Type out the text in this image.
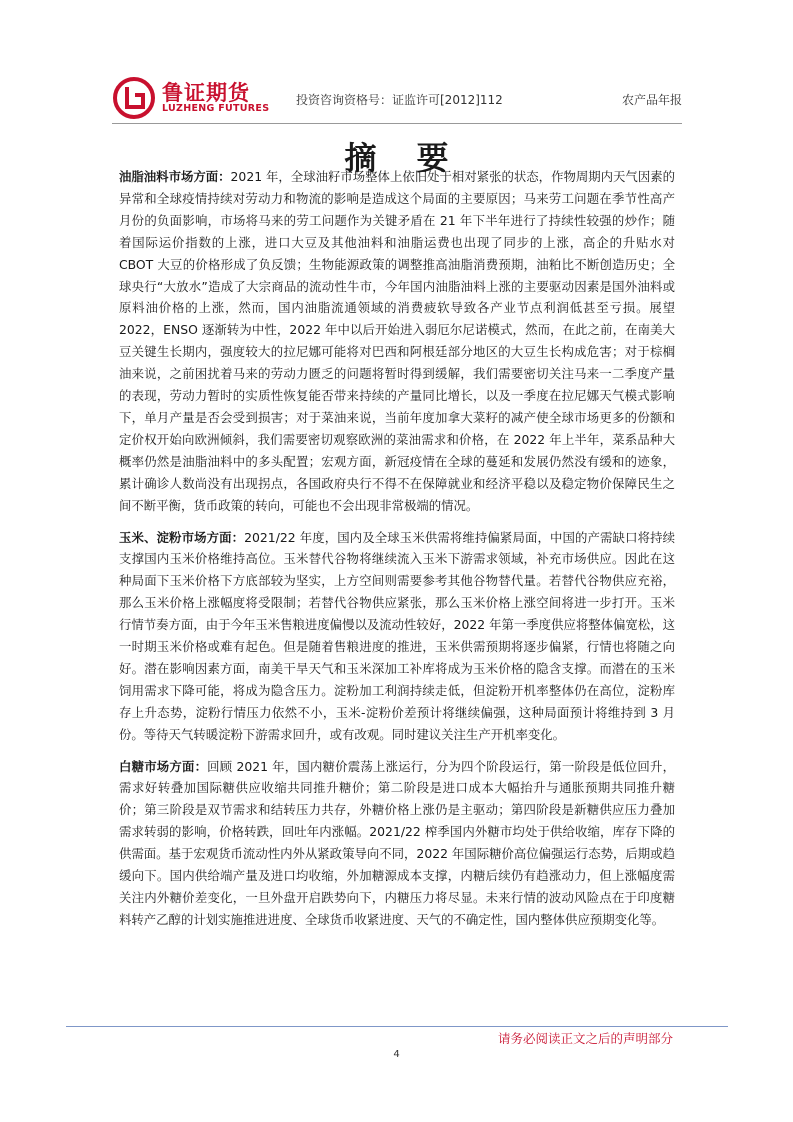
鲁证期货
LUZHENG FUTURES
投资咨询资格号：证监许可[2012]112	农产品年报
摘要

油脂油料市场方面：2021 年，全球油籽市场整体上依旧处于相对紧张的状态，作物周期内天气因素的异常和全球疫情持续对劳动力和物流的影响是造成这个局面的主要原因；马来劳工问题在季节性高产月份的负面影响，市场将马来的劳工问题作为关键矛盾在 21 年下半年进行了持续性较强的炒作；随着国际运价指数的上涨，进口大豆及其他油料和油脂运费也出现了同步的上涨，高企的升贴水对 CBOT 大豆的价格形成了负反馈；生物能源政策的调整推高油脂消费预期，油粕比不断创造历史；全球央行“大放水”造成了大宗商品的流动性牛市，今年国内油脂油料上涨的主要驱动因素是国外油料或原料油价格的上涨，然而，国内油脂流通领域的消费疲软导致各产业节点利润低甚至亏损。展望 2022，ENSO 逐渐转为中性，2022 年中以后开始进入弱厄尔尼诺模式，然而，在此之前，在南美大豆关键生长期内，强度较大的拉尼娜可能将对巴西和阿根廷部分地区的大豆生长构成危害；对于棕榈油来说，之前困扰着马来的劳动力匮乏的问题将暂时得到缓解，我们需要密切关注马来一二季度产量的表现，劳动力暂时的实质性恢复能否带来持续的产量同比增长，以及一季度在拉尼娜天气模式影响下，单月产量是否会受到损害；对于菜油来说，当前年度加拿大菜籽的减产使全球市场更多的份额和定价权开始向欧洲倾斜，我们需要密切观察欧洲的菜油需求和价格，在 2022 年上半年，菜系品种大概率仍然是油脂油料中的多头配置；宏观方面，新冠疫情在全球的蔓延和发展仍然没有缓和的迹象，累计确诊人数尚没有出现拐点，各国政府央行不得不在保障就业和经济平稳以及稳定物价保障民生之间不断平衡，货币政策的转向，可能也不会出现非常极端的情况。

玉米、淀粉市场方面：2021/22 年度，国内及全球玉米供需将维持偏紧局面，中国的产需缺口将持续支撑国内玉米价格维持高位。玉米替代谷物将继续流入玉米下游需求领域，补充市场供应。因此在这种局面下玉米价格下方底部较为坚实，上方空间则需要参考其他谷物替代量。若替代谷物供应充裕，那么玉米价格上涨幅度将受限制；若替代谷物供应紧张，那么玉米价格上涨空间将进一步打开。玉米行情节奏方面，由于今年玉米售粮进度偏慢以及流动性较好，2022 年第一季度供应将整体偏宽松，这一时期玉米价格或难有起色。但是随着售粮进度的推进，玉米供需预期将逐步偏紧，行情也将随之向好。潜在影响因素方面，南美干旱天气和玉米深加工补库将成为玉米价格的隐含支撑。而潜在的玉米饲用需求下降可能，将成为隐含压力。淀粉加工利润持续走低，但淀粉开机率整体仍在高位，淀粉库存上升态势，淀粉行情压力依然不小，玉米-淀粉价差预计将继续偏强，这种局面预计将维持到 3 月份。等待天气转暖淀粉下游需求回升，或有改观。同时建议关注生产开机率变化。

白糖市场方面：回顾 2021 年，国内糖价震荡上涨运行，分为四个阶段运行，第一阶段是低位回升，需求好转叠加国际糖供应收缩共同推升糖价；第二阶段是进口成本大幅抬升与通胀预期共同推升糖价；第三阶段是双节需求和结转压力共存，外糖价格上涨仍是主驱动；第四阶段是新糖供应压力叠加需求转弱的影响，价格转跌，回吐年内涨幅。2021/22 榨季国内外糖市均处于供给收缩，库存下降的供需面。基于宏观货币流动性内外从紧政策导向不同，2022 年国际糖价高位偏强运行态势，后期或趋缓向下。国内供给端产量及进口均收缩，外加糖源成本支撑，内糖后续仍有趋涨动力，但上涨幅度需关注内外糖价差变化，一旦外盘开启跌势向下，内糖压力将尽显。未来行情的波动风险点在于印度糖料转产乙醇的计划实施推进进度、全球货币收紧进度、天气的不确定性，国内整体供应预期变化等。

请务必阅读正文之后的声明部分
4
